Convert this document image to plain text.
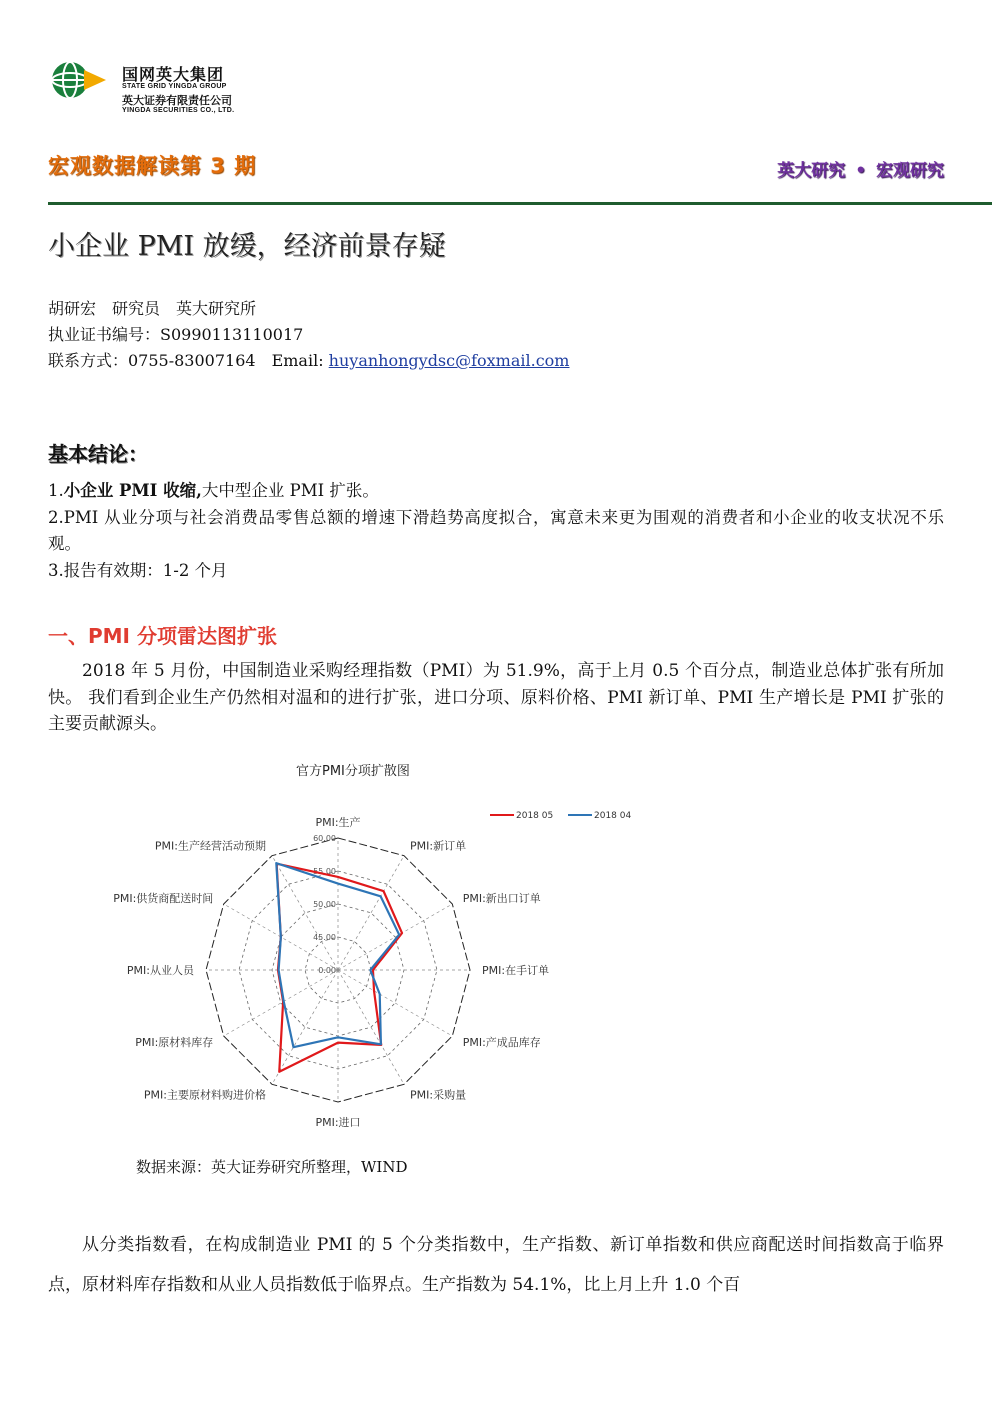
国网英大集团
STATE GRID YINGDA GROUP
英大证券有限责任公司
YINGDA SECURITIES CO., LTD.
宏观数据解读第 3 期	英大研究 • 宏观研究
小企业 PMI 放缓，经济前景存疑
胡研宏　研究员　英大研究所
执业证书编号：S0990113110017
联系方式：0755-83007164　Email: huyanhongydsc@foxmail.com
基本结论：
1.小企业 PMI 收缩,大中型企业 PMI 扩张。
2.PMI 从业分项与社会消费品零售总额的增速下滑趋势高度拟合，寓意未来更为围观的消费者和小企业的收支状况不乐观。
3.报告有效期：1-2 个月
一、PMI 分项雷达图扩张
2018 年 5 月份，中国制造业采购经理指数（PMI）为 51.9%，高于上月 0.5 个百分点，制造业总体扩张有所加快。 我们看到企业生产仍然相对温和的进行扩张，进口分项、原料价格、PMI 新订单、PMI 生产增长是 PMI 扩张的主要贡献源头。
官方PMI分项扩散图
0.00
45.00
50.00
55.00
60.00
PMI:生产
PMI:新订单
PMI:新出口订单
PMI:在手订单
PMI:产成品库存
PMI:采购量
PMI:进口
PMI:主要原材料购进价格
PMI:原材料库存
PMI:从业人员
PMI:供货商配送时间
PMI:生产经营活动预期
2018 05	2018 04
数据来源：英大证券研究所整理，WIND
从分类指数看，在构成制造业 PMI 的 5 个分类指数中，生产指数、新订单指数和供应商配送时间指数高于临界点，原材料库存指数和从业人员指数低于临界点。生产指数为 54.1%，比上月上升 1.0 个百
